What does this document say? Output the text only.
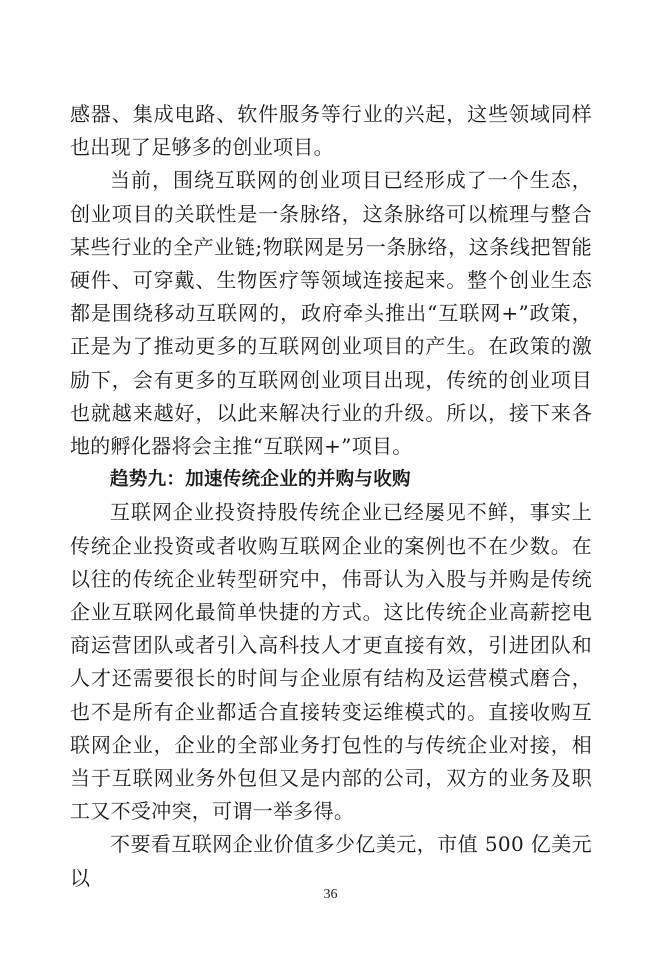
感器、集成电路、软件服务等行业的兴起，这些领域同样也出现了足够多的创业项目。

当前，围绕互联网的创业项目已经形成了一个生态，创业项目的关联性是一条脉络，这条脉络可以梳理与整合某些行业的全产业链;物联网是另一条脉络，这条线把智能硬件、可穿戴、生物医疗等领域连接起来。整个创业生态都是围绕移动互联网的，政府牵头推出“互联网+”政策，正是为了推动更多的互联网创业项目的产生。在政策的激励下，会有更多的互联网创业项目出现，传统的创业项目也就越来越好，以此来解决行业的升级。所以，接下来各地的孵化器将会主推“互联网+”项目。

趋势九：加速传统企业的并购与收购

互联网企业投资持股传统企业已经屡见不鲜，事实上传统企业投资或者收购互联网企业的案例也不在少数。在以往的传统企业转型研究中，伟哥认为入股与并购是传统企业互联网化最简单快捷的方式。这比传统企业高薪挖电商运营团队或者引入高科技人才更直接有效，引进团队和人才还需要很长的时间与企业原有结构及运营模式磨合，也不是所有企业都适合直接转变运维模式的。直接收购互联网企业，企业的全部业务打包性的与传统企业对接，相当于互联网业务外包但又是内部的公司，双方的业务及职工又不受冲突，可谓一举多得。

不要看互联网企业价值多少亿美元，市值 500 亿美元以

36
